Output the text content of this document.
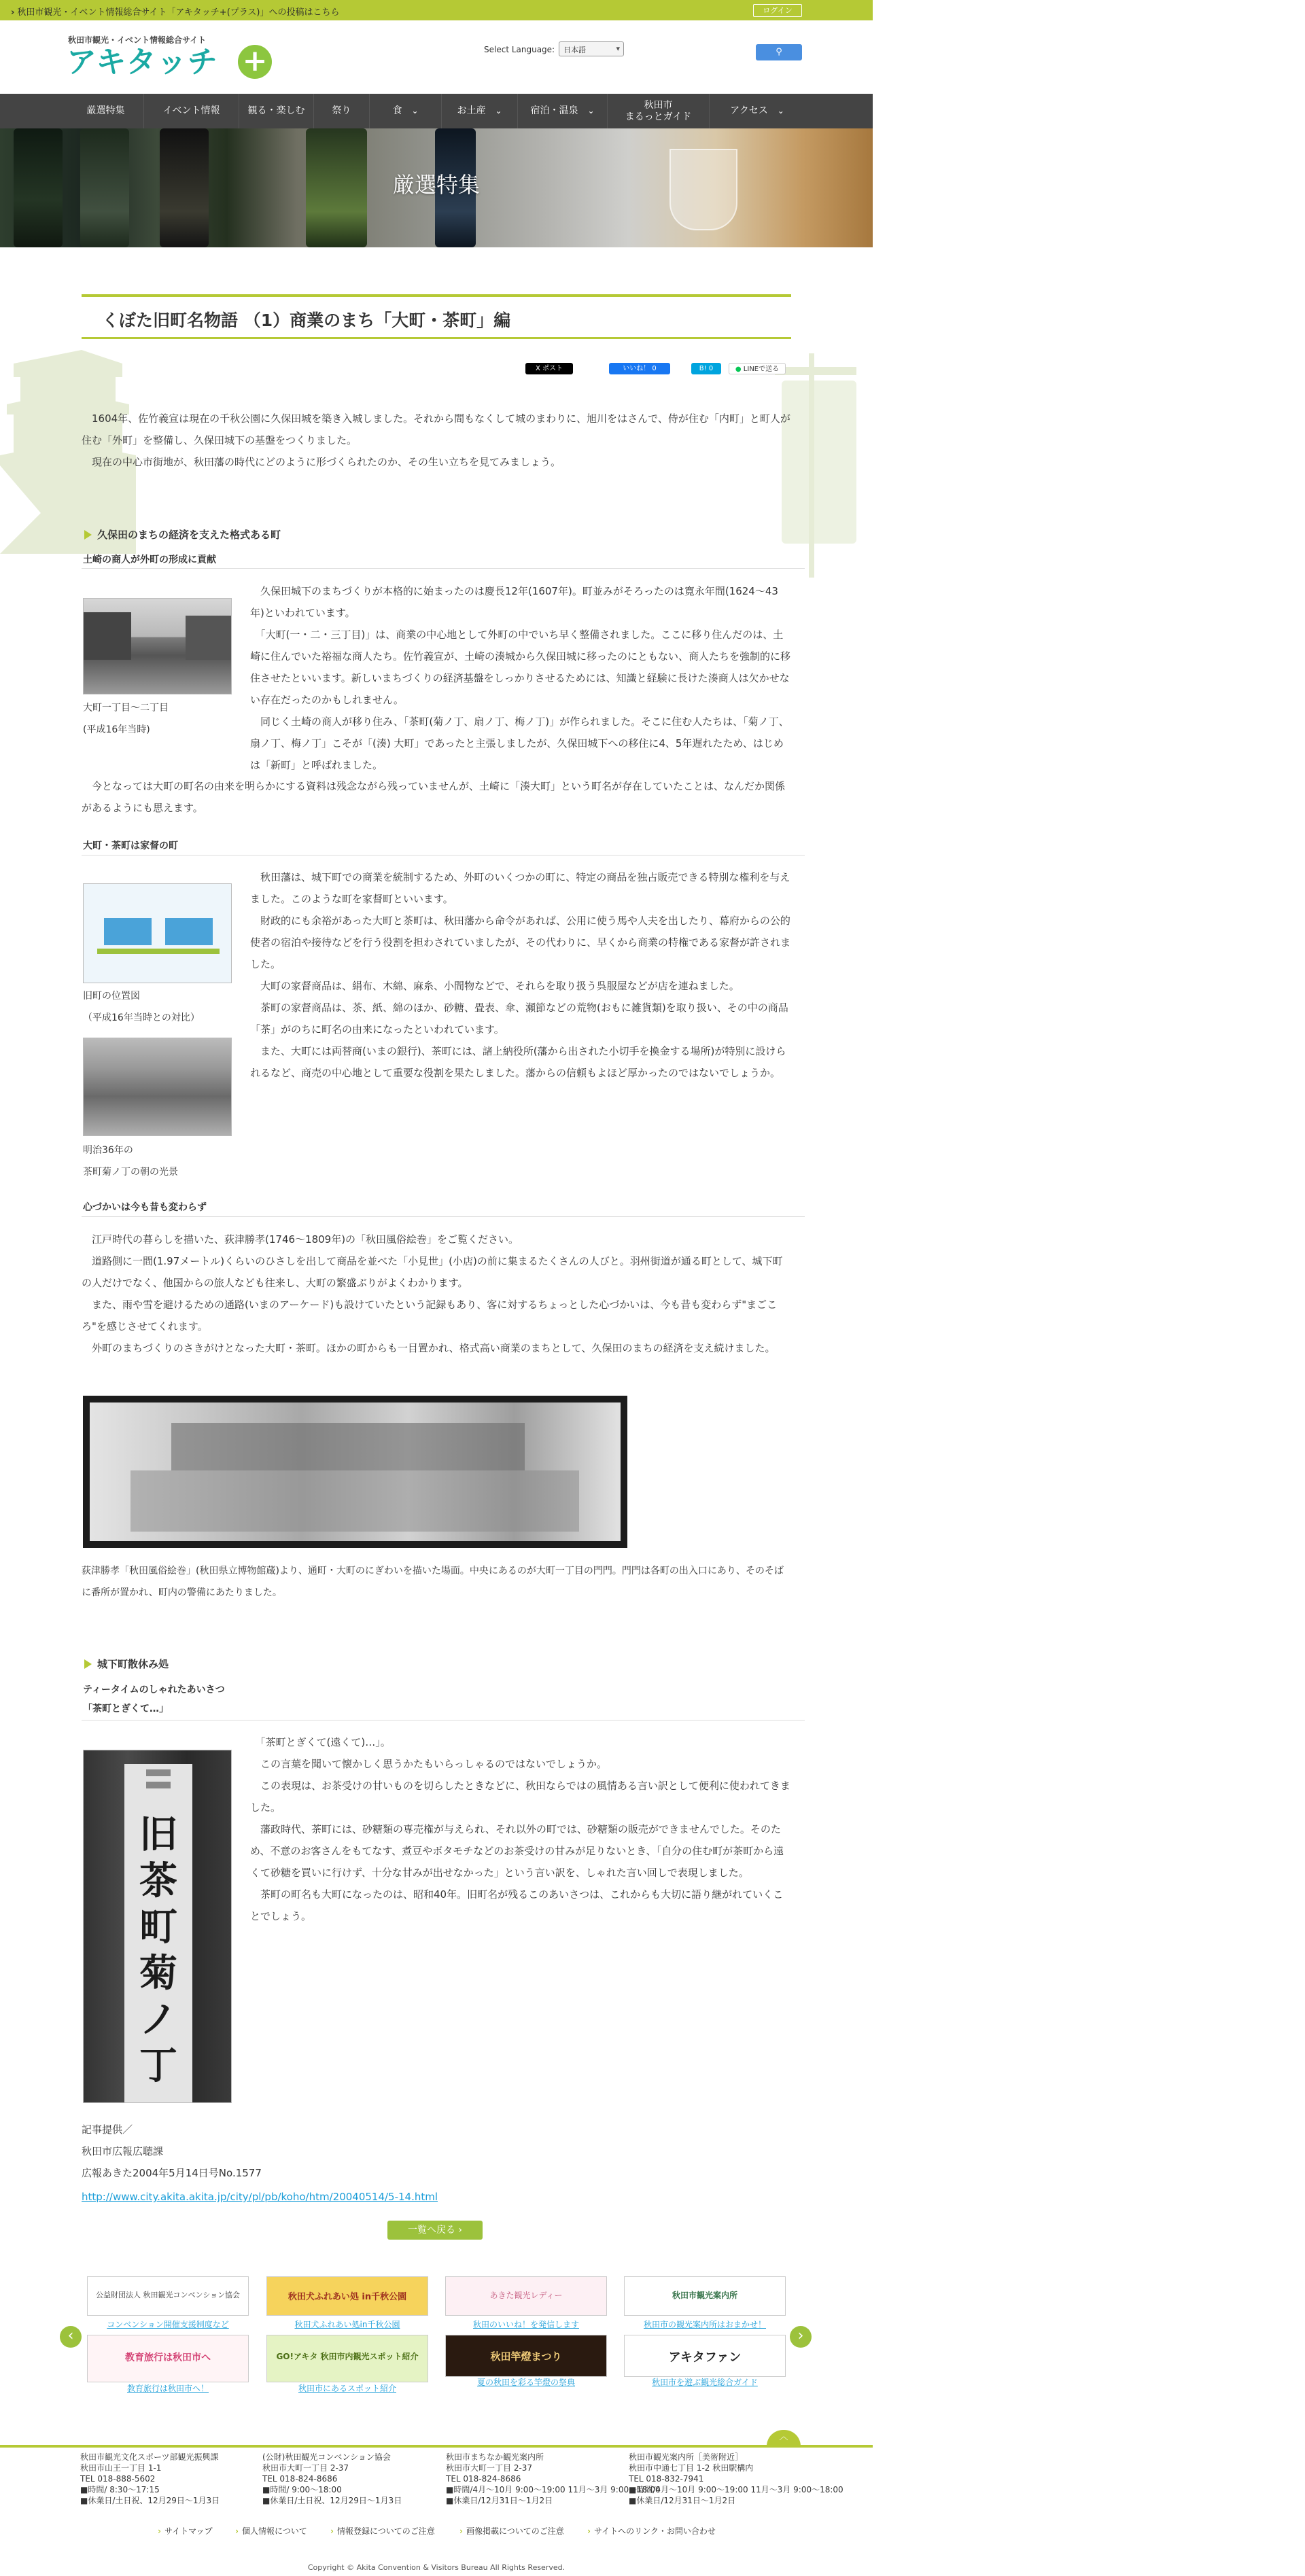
› 秋田市観光・イベント情報総合サイト「アキタッチ+(プラス)」への投稿はこちら	ログイン
秋田市観光・イベント情報総合サイト
アキタッチ +	Select Language:	日本語 ▾	⚲
厳選特集	イベント情報	観る・楽しむ	祭り	食 ⌄	お土産 ⌄	宿泊・温泉 ⌄
秋田市
まるっとガイド
アクセス ⌄
厳選特集
くぼた旧町名物語 （1）商業のまち「大町・茶町」編
X ポスト	いいね！ 0	B! 0	● LINEで送る

　1604年、佐竹義宣は現在の千秋公園に久保田城を築き入城しました。それから間もなくして城のまわりに、旭川をはさんで、侍が住む「内町」と町人が住む「外町」を整備し、久保田城下の基盤をつくりました。

　現在の中心市街地が、秋田藩の時代にどのように形づくられたのか、その生い立ちを見てみましょう。

久保田のまちの経済を支えた格式ある町
土崎の商人が外町の形成に貢献
大町一丁目〜二丁目
(平成16年当時)

　久保田城下のまちづくりが本格的に始まったのは慶長12年(1607年)。町並みがそろったのは寛永年間(1624〜43年)といわれています。

　「大町(一・二・三丁目)」は、商業の中心地として外町の中でいち早く整備されました。ここに移り住んだのは、土崎に住んでいた裕福な商人たち。佐竹義宣が、土崎の湊城から久保田城に移ったのにともない、商人たちを強制的に移住させたといいます。新しいまちづくりの経済基盤をしっかりさせるためには、知識と経験に長けた湊商人は欠かせない存在だったのかもしれません。

　同じく土崎の商人が移り住み、「茶町(菊ノ丁、扇ノ丁、梅ノ丁)」が作られました。そこに住む人たちは、「菊ノ丁、扇ノ丁、梅ノ丁」こそが「(湊) 大町」であったと主張しましたが、久保田城下への移住に4、5年遅れたため、はじめは「新町」と呼ばれました。

　今となっては大町の町名の由来を明らかにする資料は残念ながら残っていませんが、土崎に「湊大町」という町名が存在していたことは、なんだか関係があるようにも思えます。

大町・茶町は家督の町
旧町の位置図
（平成16年当時との対比）
明治36年の
茶町菊ノ丁の朝の光景

　秋田藩は、城下町での商業を統制するため、外町のいくつかの町に、特定の商品を独占販売できる特別な権利を与えました。このような町を家督町といいます。

　財政的にも余裕があった大町と茶町は、秋田藩から命令があれば、公用に使う馬や人夫を出したり、幕府からの公的使者の宿泊や接待などを行う役割を担わされていましたが、その代わりに、早くから商業の特権である家督が許されました。

　大町の家督商品は、絹布、木綿、麻糸、小間物などで、それらを取り扱う呉服屋などが店を連ねました。

　茶町の家督商品は、茶、紙、綿のほか、砂糖、畳表、傘、瀬節などの荒物(おもに雑貨類)を取り扱い、その中の商品「茶」がのちに町名の由来になったといわれています。

　また、大町には両替商(いまの銀行)、茶町には、諸上納役所(藩から出された小切手を換金する場所)が特別に設けられるなど、商売の中心地として重要な役割を果たしました。藩からの信頼もよほど厚かったのではないでしょうか。

心づかいは今も昔も変わらず

　江戸時代の暮らしを描いた、荻津勝孝(1746〜1809年)の「秋田風俗絵巻」をご覧ください。

　道路側に一間(1.97メートル)くらいのひさしを出して商品を並べた「小見世」(小店)の前に集まるたくさんの人びと。羽州街道が通る町として、城下町の人だけでなく、他国からの旅人なども往来し、大町の繁盛ぶりがよくわかります。

　また、雨や雪を避けるための通路(いまのアーケード)も設けていたという記録もあり、客に対するちょっとした心づかいは、今も昔も変わらず"まごころ"を感じさせてくれます。

　外町のまちづくりのさきがけとなった大町・茶町。ほかの町からも一目置かれ、格式高い商業のまちとして、久保田のまちの経済を支え続けました。

荻津勝孝「秋田風俗絵巻」(秋田県立博物館蔵)より、通町・大町のにぎわいを描いた場面。中央にあるのが大町一丁目の門門。門門は各町の出入口にあり、そのそばに番所が置かれ、町内の警備にあたりました。
城下町散休み処
ティータイムのしゃれたあいさつ
「茶町とぎくて…」
旧
茶
町
菊
ノ
丁

　「茶町とぎくて(遠くて)…」。

　この言葉を聞いて懐かしく思うかたもいらっしゃるのではないでしょうか。

　この表現は、お茶受けの甘いものを切らしたときなどに、秋田ならではの風情ある言い訳として便利に使われてきました。

　藩政時代、茶町には、砂糖類の専売権が与えられ、それ以外の町では、砂糖類の販売ができませんでした。そのため、不意のお客さんをもてなす、煮豆やボタモチなどのお茶受けの甘みが足りないとき、「自分の住む町が茶町から遠くて砂糖を買いに行けず、十分な甘みが出せなかった」という言い訳を、しゃれた言い回しで表現しました。

　茶町の町名も大町になったのは、昭和40年。旧町名が残るこのあいさつは、これからも大切に語り継がれていくことでしょう。

記事提供／

秋田市広報広聴課

広報あきた2004年5月14日号No.1577

http://www.city.akita.akita.jp/city/pl/pb/koho/htm/20040514/5-14.html
一覧へ戻る ›
‹	›
公益財団法人 秋田観光コンベンション協会
コンベンション開催支援制度など
秋田犬ふれあい処 in千秋公園
秋田犬ふれあい処in千秋公園
あきた観光レディー
秋田のいいね！を発信します
秋田市観光案内所
秋田市の観光案内所はおまかせ！
教育旅行は秋田市へ
教育旅行は秋田市へ！
GO!アキタ 秋田市内観光スポット紹介
秋田市にあるスポット紹介
秋田竿燈まつり
夏の秋田を彩る竿燈の祭典
アキタファン
秋田市を遊ぶ観光総合ガイド
︿
秋田市観光文化スポーツ部観光振興課
秋田市山王一丁目 1-1
TEL 018-888-5602
■時間/ 8:30〜17:15
■休業日/土日祝、12月29日〜1月3日
(公財)秋田観光コンベンション協会
秋田市大町一丁目 2-37
TEL 018-824-8686
■時間/ 9:00〜18:00
■休業日/土日祝、12月29日〜1月3日
秋田市まちなか観光案内所
秋田市大町一丁目 2-37
TEL 018-824-8686
■時間/4月〜10月 9:00〜19:00 11月〜3月 9:00〜18:00
■休業日/12月31日〜1月2日
秋田市観光案内所［美術附近］
秋田市中通七丁目 1-2 秋田駅構内
TEL 018-832-7941
■時間/4月〜10月 9:00〜19:00 11月〜3月 9:00〜18:00
■休業日/12月31日〜1月2日
› サイトマップ	› 個人情報について	› 情報登録についてのご注意	› 画像掲載についてのご注意	› サイトへのリンク・お問い合わせ
Copyright © Akita Convention & Visitors Bureau All Rights Reserved.
